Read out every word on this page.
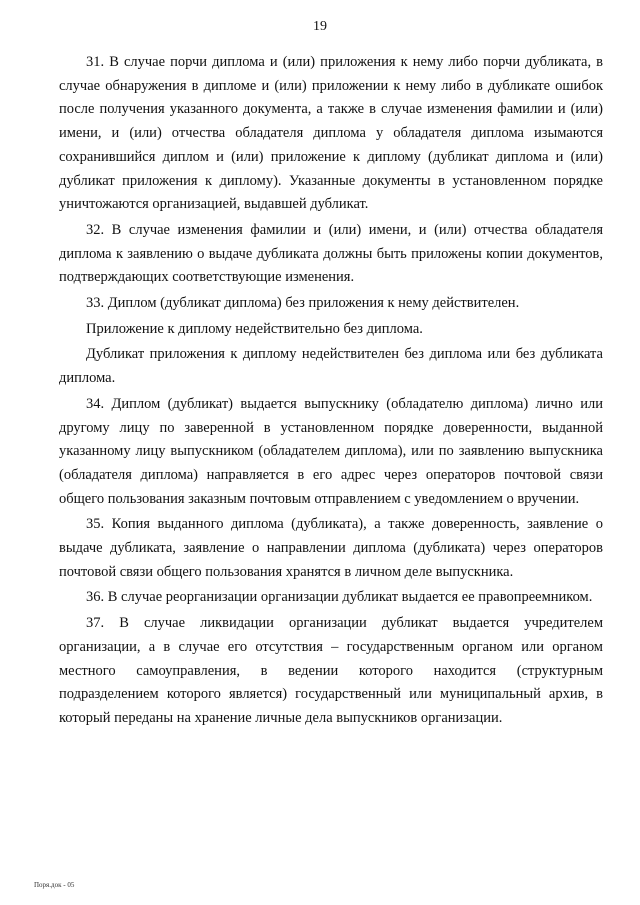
19

31. В случае порчи диплома и (или) приложения к нему либо порчи дубликата, в случае обнаружения в дипломе и (или) приложении к нему либо в дубликате ошибок после получения указанного документа, а также в случае изменения фамилии и (или) имени, и (или) отчества обладателя диплома у обладателя диплома изымаются сохранившийся диплом и (или) приложение к диплому (дубликат диплома и (или) дубликат приложения к диплому). Указанные документы в установленном порядке уничтожаются организацией, выдавшей дубликат.

32. В случае изменения фамилии и (или) имени, и (или) отчества обладателя диплома к заявлению о выдаче дубликата должны быть приложены копии документов, подтверждающих соответствующие изменения.

33. Диплом (дубликат диплома) без приложения к нему действителен.

Приложение к диплому недействительно без диплома.

Дубликат приложения к диплому недействителен без диплома или без дубликата диплома.

34. Диплом (дубликат) выдается выпускнику (обладателю диплома) лично или другому лицу по заверенной в установленном порядке доверенности, выданной указанному лицу выпускником (обладателем диплома), или по заявлению выпускника (обладателя диплома) направляется в его адрес через операторов почтовой связи общего пользования заказным почтовым отправлением с уведомлением о вручении.

35. Копия выданного диплома (дубликата), а также доверенность, заявление о выдаче дубликата, заявление о направлении диплома (дубликата) через операторов почтовой связи общего пользования хранятся в личном деле выпускника.

36. В случае реорганизации организации дубликат выдается ее правопреемником.

37. В случае ликвидации организации дубликат выдается учредителем организации, а в случае его отсутствия – государственным органом или органом местного самоуправления, в ведении которого находится (структурным подразделением которого является) государственный или муниципальный архив, в который переданы на хранение личные дела выпускников организации.

Поря.док - 05
